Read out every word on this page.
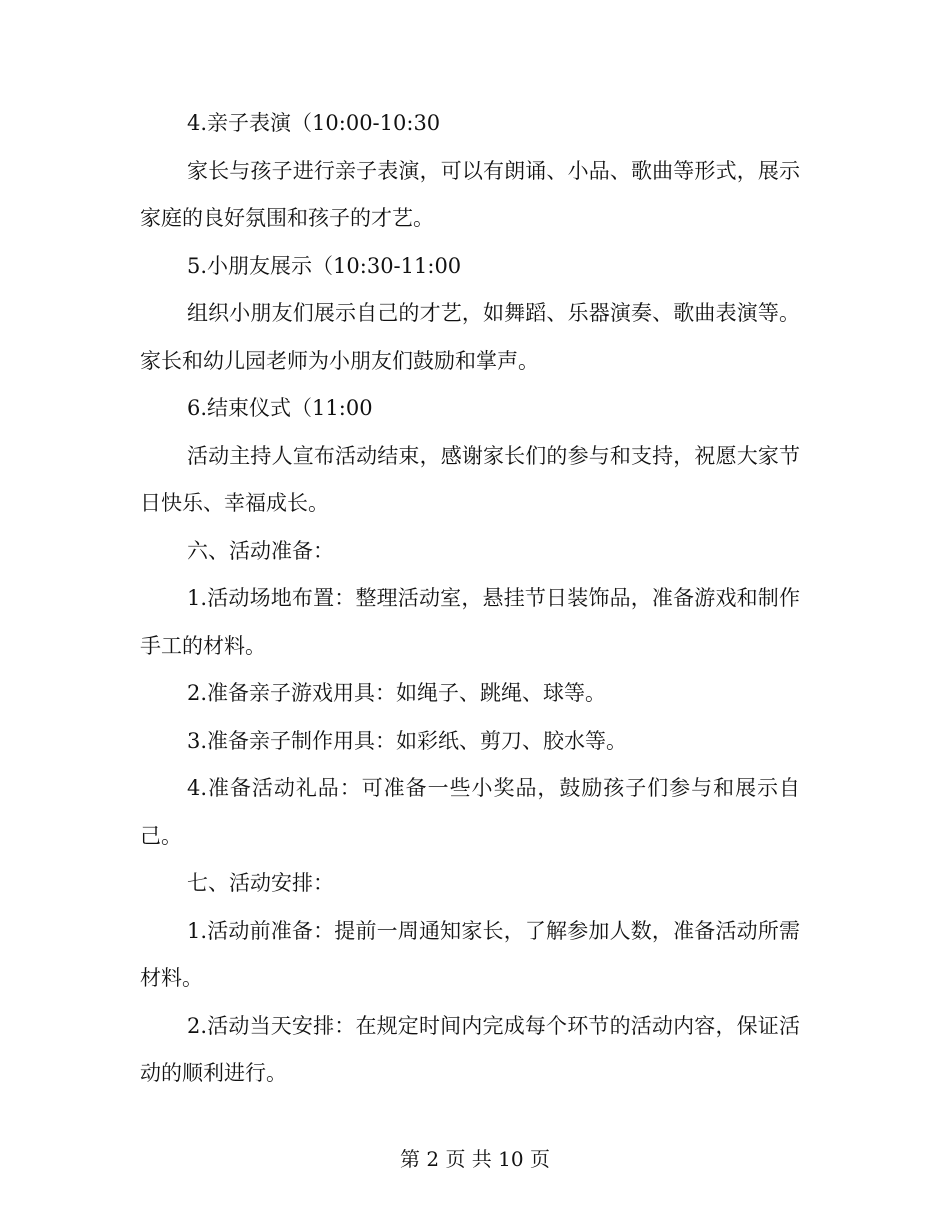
4.亲子表演（10:00-10:30

家长与孩子进行亲子表演，可以有朗诵、小品、歌曲等形式，展示家庭的良好氛围和孩子的才艺。

5.小朋友展示（10:30-11:00

组织小朋友们展示自己的才艺，如舞蹈、乐器演奏、歌曲表演等。家长和幼儿园老师为小朋友们鼓励和掌声。

6.结束仪式（11:00

活动主持人宣布活动结束，感谢家长们的参与和支持，祝愿大家节日快乐、幸福成长。

六、活动准备：

1.活动场地布置：整理活动室，悬挂节日装饰品，准备游戏和制作手工的材料。

2.准备亲子游戏用具：如绳子、跳绳、球等。

3.准备亲子制作用具：如彩纸、剪刀、胶水等。

4.准备活动礼品：可准备一些小奖品，鼓励孩子们参与和展示自己。

七、活动安排：

1.活动前准备：提前一周通知家长，了解参加人数，准备活动所需材料。

2.活动当天安排：在规定时间内完成每个环节的活动内容，保证活动的顺利进行。

第 2 页 共 10 页
